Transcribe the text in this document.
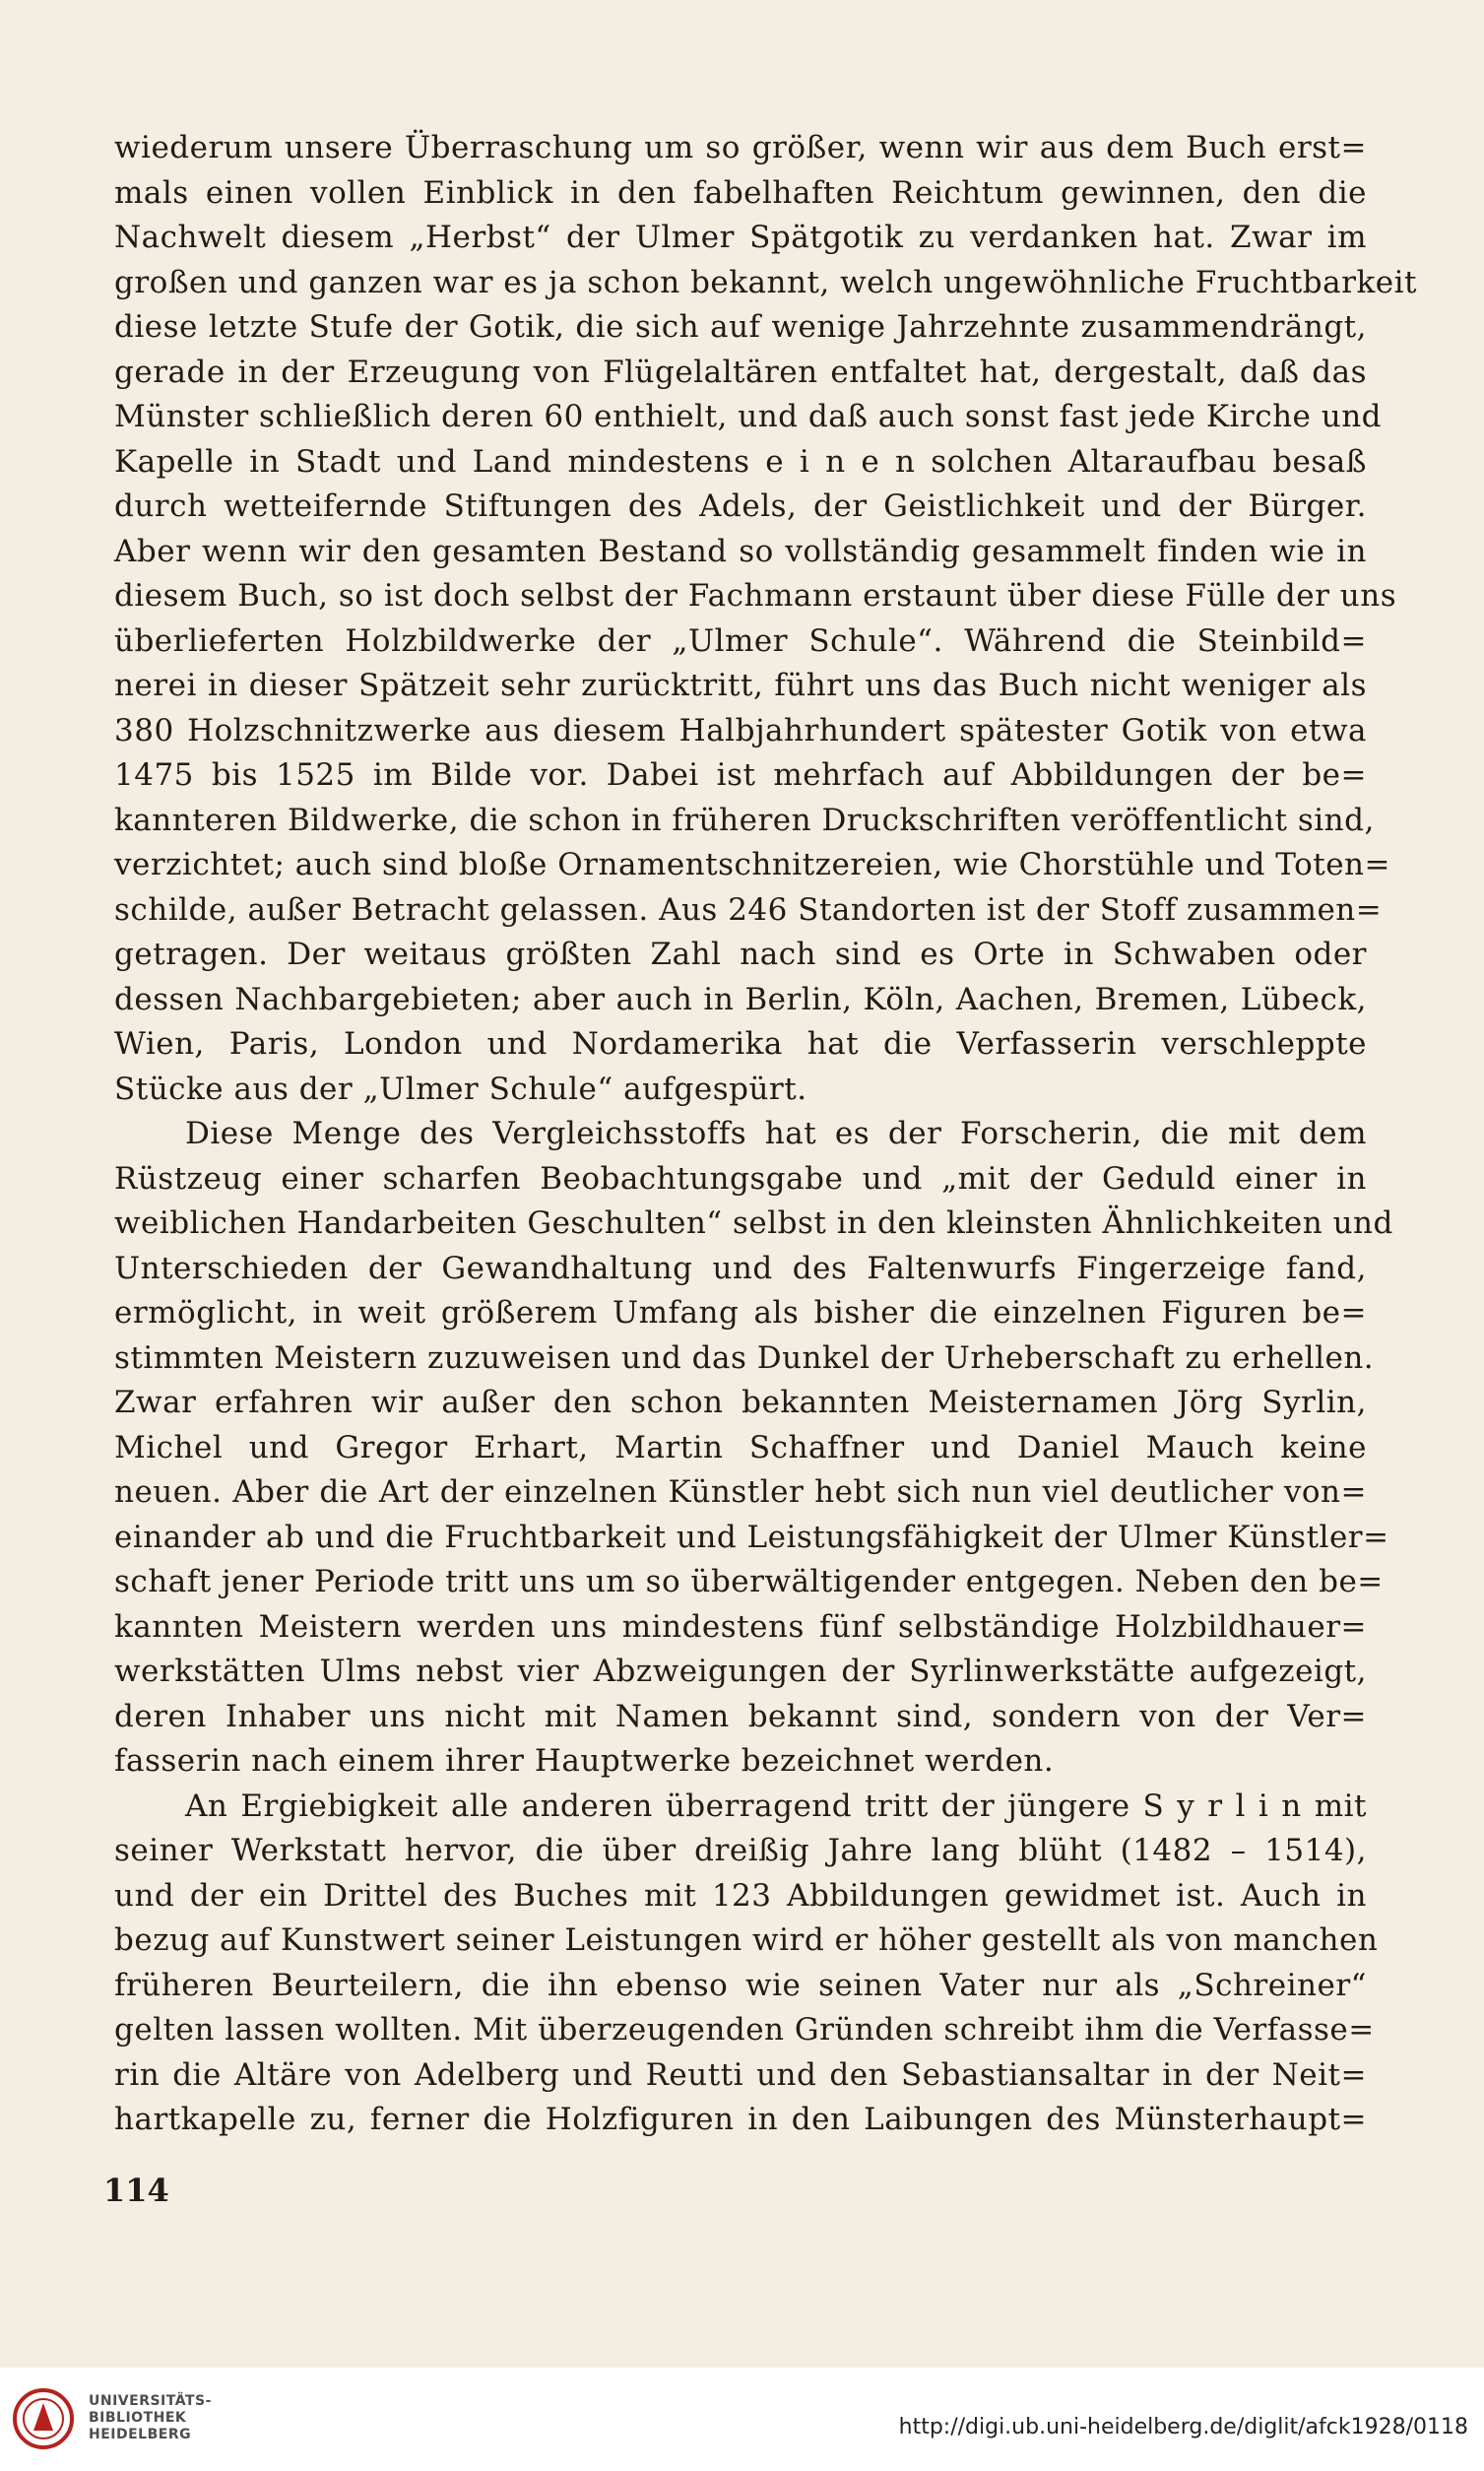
wiederum unsere Überraschung um so größer, wenn wir aus dem Buch erst=
mals einen vollen Einblick in den fabelhaften Reichtum gewinnen, den die
Nachwelt diesem „Herbst“ der Ulmer Spätgotik zu verdanken hat. Zwar im
großen und ganzen war es ja schon bekannt, welch ungewöhnliche Fruchtbarkeit
diese letzte Stufe der Gotik, die sich auf wenige Jahrzehnte zusammendrängt,
gerade in der Erzeugung von Flügelaltären entfaltet hat, dergestalt, daß das
Münster schließlich deren 60 enthielt, und daß auch sonst fast jede Kirche und
Kapelle in Stadt und Land mindestens e i n e n solchen Altaraufbau besaß
durch wetteifernde Stiftungen des Adels, der Geistlichkeit und der Bürger.
Aber wenn wir den gesamten Bestand so vollständig gesammelt finden wie in
diesem Buch, so ist doch selbst der Fachmann erstaunt über diese Fülle der uns
überlieferten Holzbildwerke der „Ulmer Schule“. Während die Steinbild=
nerei in dieser Spätzeit sehr zurücktritt, führt uns das Buch nicht weniger als
380 Holzschnitzwerke aus diesem Halbjahrhundert spätester Gotik von etwa
1475 bis 1525 im Bilde vor. Dabei ist mehrfach auf Abbildungen der be=
kannteren Bildwerke, die schon in früheren Druckschriften veröffentlicht sind,
verzichtet; auch sind bloße Ornamentschnitzereien, wie Chorstühle und Toten=
schilde, außer Betracht gelassen. Aus 246 Standorten ist der Stoff zusammen=
getragen. Der weitaus größten Zahl nach sind es Orte in Schwaben oder
dessen Nachbargebieten; aber auch in Berlin, Köln, Aachen, Bremen, Lübeck,
Wien, Paris, London und Nordamerika hat die Verfasserin verschleppte
Stücke aus der „Ulmer Schule“ aufgespürt.
Diese Menge des Vergleichsstoffs hat es der Forscherin, die mit dem
Rüstzeug einer scharfen Beobachtungsgabe und „mit der Geduld einer in
weiblichen Handarbeiten Geschulten“ selbst in den kleinsten Ähnlichkeiten und
Unterschieden der Gewandhaltung und des Faltenwurfs Fingerzeige fand,
ermöglicht, in weit größerem Umfang als bisher die einzelnen Figuren be=
stimmten Meistern zuzuweisen und das Dunkel der Urheberschaft zu erhellen.
Zwar erfahren wir außer den schon bekannten Meisternamen Jörg Syrlin,
Michel und Gregor Erhart, Martin Schaffner und Daniel Mauch keine
neuen. Aber die Art der einzelnen Künstler hebt sich nun viel deutlicher von=
einander ab und die Fruchtbarkeit und Leistungsfähigkeit der Ulmer Künstler=
schaft jener Periode tritt uns um so überwältigender entgegen. Neben den be=
kannten Meistern werden uns mindestens fünf selbständige Holzbildhauer=
werkstätten Ulms nebst vier Abzweigungen der Syrlinwerkstätte aufgezeigt,
deren Inhaber uns nicht mit Namen bekannt sind, sondern von der Ver=
fasserin nach einem ihrer Hauptwerke bezeichnet werden.
An Ergiebigkeit alle anderen überragend tritt der jüngere S y r l i n mit
seiner Werkstatt hervor, die über dreißig Jahre lang blüht (1482 – 1514),
und der ein Drittel des Buches mit 123 Abbildungen gewidmet ist. Auch in
bezug auf Kunstwert seiner Leistungen wird er höher gestellt als von manchen
früheren Beurteilern, die ihn ebenso wie seinen Vater nur als „Schreiner“
gelten lassen wollten. Mit überzeugenden Gründen schreibt ihm die Verfasse=
rin die Altäre von Adelberg und Reutti und den Sebastiansaltar in der Neit=
hartkapelle zu, ferner die Holzfiguren in den Laibungen des Münsterhaupt=
114
UNIVERSITÄTS-
BIBLIOTHEK
HEIDELBERG	http://digi.ub.uni-heidelberg.de/diglit/afck1928/0118
